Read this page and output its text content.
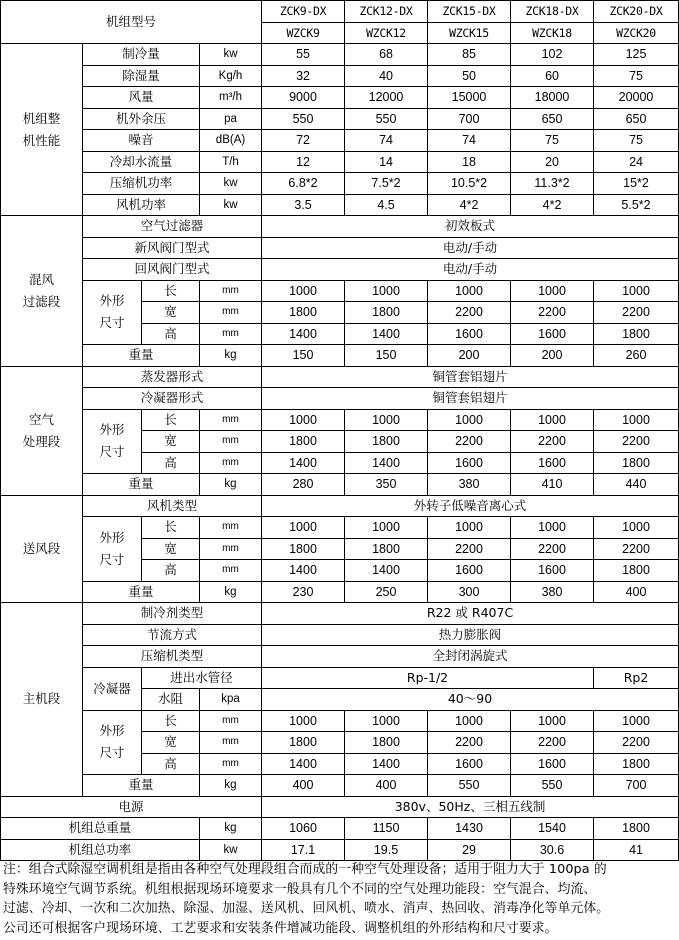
机组型号				ZCK9-DX	ZCK12-DX	ZCK15-DX	ZCK18-DX	ZCK20-DX
				WZCK9	WZCK12	WZCK15	WZCK18	WZCK20

机组整
机性能	制冷量		kw	55	68	85	102	125
	除湿量		Kg/h	32	40	50	60	75
	风量		m³/h	9000	12000	15000	18000	20000
	机外余压		pa	550	550	700	650	650
	噪音		dB(A)	72	74	74	75	75
	冷却水流量		T/h	12	14	18	20	24
	压缩机功率		kw	6.8*2	7.5*2	10.5*2	11.3*2	15*2
	风机功率		kw	3.5	4.5	4*2	4*2	5.5*2

混风
过滤段	空气过滤器			初效板式				
	新风阀门型式			电动/手动				
	回风阀门型式			电动/手动				

	外形
尺寸	长	mm	1000	1000	1000	1000	1000
		宽	mm	1800	1800	2200	2200	2200
		高	mm	1400	1400	1600	1600	1800
	重量		kg	150	150	200	200	260

空气
处理段	蒸发器形式			铜管套铝翅片				
	冷凝器形式			铜管套铝翅片				

	外形
尺寸	长	mm	1000	1000	1000	1000	1000
		宽	mm	1800	1800	2200	2200	2200
		高	mm	1400	1400	1600	1600	1800
	重量		kg	280	350	380	410	440
送风段	风机类型			外转子低噪音离心式				

	外形
尺寸	长	mm	1000	1000	1000	1000	1000
		宽	mm	1800	1800	2200	2200	2200
		高	mm	1400	1400	1600	1600	1800
	重量		kg	230	250	300	380	400
主机段	制冷剂类型			R22 或 R407C				
	节流方式			热力膨胀阀				
	压缩机类型			全封闭涡旋式				
	冷凝器	进出水管径		Rp-1/2				Rp2
		水阻	kpa	40～90				

	外形
尺寸	长	mm	1000	1000	1000	1000	1000
		宽	mm	1800	1800	2200	2200	2200
		高	mm	1400	1400	1600	1600	1800
	重量		kg	400	400	550	550	700
电源				380v、50Hz、三相五线制				
机组总重量			kg	1060	1150	1430	1540	1800
机组总功率			kw	17.1	19.5	29	30.6	41

注：组合式除湿空调机组是指由各种空气处理段组合而成的一种空气处理设备；适用于阻力大于 100pa 的

特殊环境空气调节系统。机组根据现场环境要求一般具有几个不同的空气处理功能段：空气混合、均流、

过滤、冷却、一次和二次加热、除湿、加湿、送风机、回风机、喷水、消声、热回收、消毒净化等单元体。

公司还可根据客户现场环境、工艺要求和安装条件增减功能段、调整机组的外形结构和尺寸要求。
